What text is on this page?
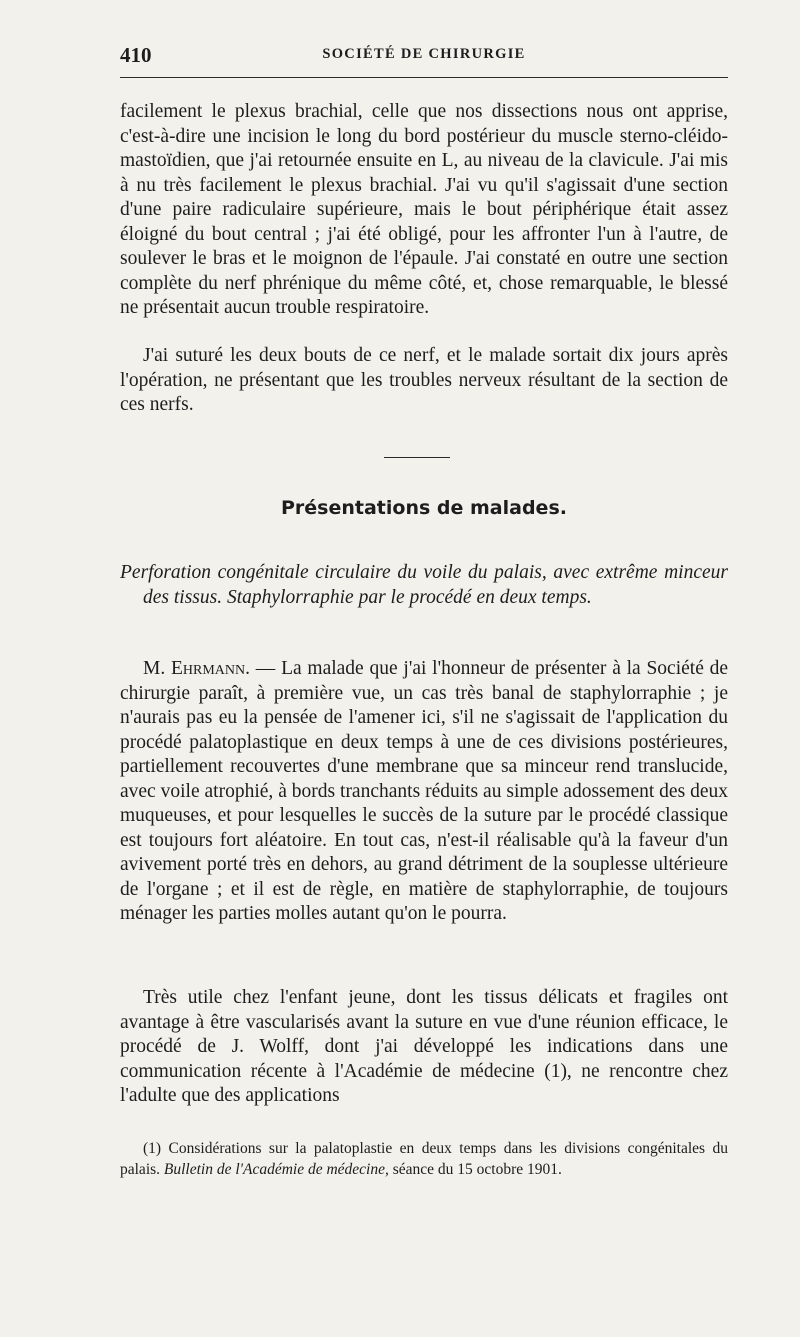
410	SOCIÉTÉ DE CHIRURGIE

facilement le plexus brachial, celle que nos dissections nous ont apprise, c'est-à-dire une incision le long du bord postérieur du muscle sterno-cléido-mastoïdien, que j'ai retournée ensuite en L, au niveau de la clavicule. J'ai mis à nu très facilement le plexus brachial. J'ai vu qu'il s'agissait d'une section d'une paire radiculaire supérieure, mais le bout périphérique était assez éloigné du bout central ; j'ai été obligé, pour les affronter l'un à l'autre, de soulever le bras et le moignon de l'épaule. J'ai constaté en outre une section complète du nerf phrénique du même côté, et, chose remarquable, le blessé ne présentait aucun trouble respiratoire.

J'ai suturé les deux bouts de ce nerf, et le malade sortait dix jours après l'opération, ne présentant que les troubles nerveux résultant de la section de ces nerfs.

Présentations de malades.
Perforation congénitale circulaire du voile du palais, avec extrême minceur des tissus. Staphylorraphie par le procédé en deux temps.

M. Ehrmann. — La malade que j'ai l'honneur de présenter à la Société de chirurgie paraît, à première vue, un cas très banal de staphylorraphie ; je n'aurais pas eu la pensée de l'amener ici, s'il ne s'agissait de l'application du procédé palatoplastique en deux temps à une de ces divisions postérieures, partiellement recouvertes d'une membrane que sa minceur rend translucide, avec voile atrophié, à bords tranchants réduits au simple adossement des deux muqueuses, et pour lesquelles le succès de la suture par le procédé classique est toujours fort aléatoire. En tout cas, n'est-il réalisable qu'à la faveur d'un avivement porté très en dehors, au grand détriment de la souplesse ultérieure de l'organe ; et il est de règle, en matière de staphylorraphie, de toujours ménager les parties molles autant qu'on le pourra.

Très utile chez l'enfant jeune, dont les tissus délicats et fragiles ont avantage à être vascularisés avant la suture en vue d'une réunion efficace, le procédé de J. Wolff, dont j'ai développé les indications dans une communication récente à l'Académie de médecine (1), ne rencontre chez l'adulte que des applications

(1) Considérations sur la palatoplastie en deux temps dans les divisions congénitales du palais. Bulletin de l'Académie de médecine, séance du 15 octobre 1901.
